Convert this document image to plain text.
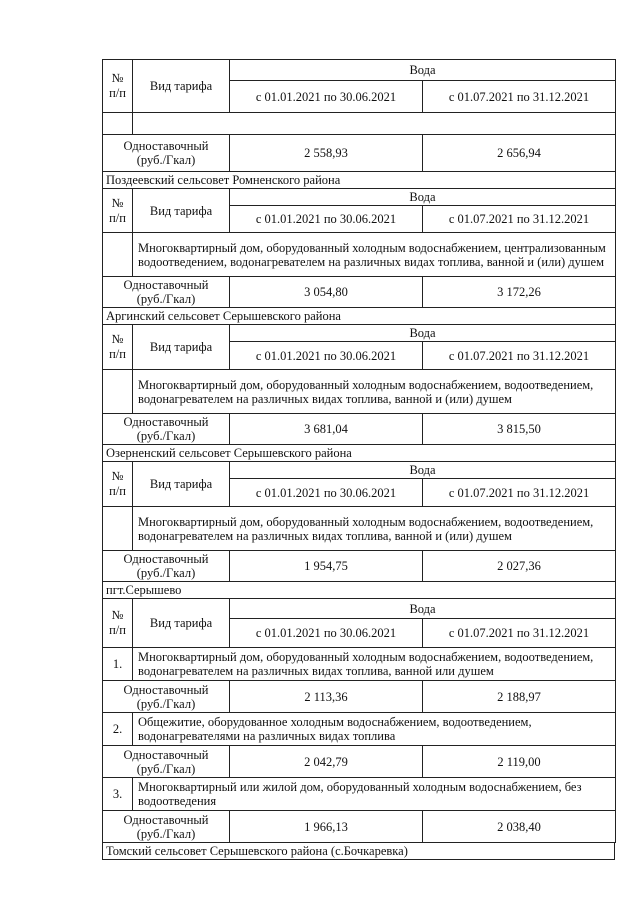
№ п/п	Вид тарифа	Вода	
		с 01.01.2021 по 30.06.2021	с 01.07.2021 по 31.12.2021

Одноставочный
(руб./Гкал)		2 558,93	2 656,94
Поздеевский сельсовет Ромненского района			
№ п/п	Вид тарифа	Вода	
		с 01.01.2021 по 30.06.2021	с 01.07.2021 по 31.12.2021
	Многоквартирный дом, оборудованный холодным водоснабжением, централизованным водоотведением, водонагревателем на различных видах топлива, ванной и (или) душем		
Одноставочный
(руб./Гкал)		3 054,80	3 172,26
Аргинский сельсовет Серышевского района			
№ п/п	Вид тарифа	Вода	
		с 01.01.2021 по 30.06.2021	с 01.07.2021 по 31.12.2021
	Многоквартирный дом, оборудованный холодным водоснабжением, водоотведением, водонагревателем на различных видах топлива, ванной и (или) душем		
Одноставочный
(руб./Гкал)		3 681,04	3 815,50
Озерненский сельсовет Серышевского района			
№ п/п	Вид тарифа	Вода	
		с 01.01.2021 по 30.06.2021	с 01.07.2021 по 31.12.2021
	Многоквартирный дом, оборудованный холодным водоснабжением, водоотведением, водонагревателем на различных видах топлива, ванной и (или) душем		
Одноставочный
(руб./Гкал)		1 954,75	2 027,36
пгт.Серышево			
№ п/п	Вид тарифа	Вода	
		с 01.01.2021 по 30.06.2021	с 01.07.2021 по 31.12.2021
1.	Многоквартирный дом, оборудованный холодным водоснабжением, водоотведением, водонагревателем на различных видах топлива, ванной или душем		
Одноставочный
(руб./Гкал)		2 113,36	2 188,97
2.	Общежитие, оборудованное холодным водоснабжением, водоотведением, водонагревателями на различных видах топлива		
Одноставочный
(руб./Гкал)		2 042,79	2 119,00
3.	Многоквартирный или жилой дом, оборудованный холодным водоснабжением, без водоотведения		
Одноставочный
(руб./Гкал)		1 966,13	2 038,40
Томский сельсовет Серышевского района (с.Бочкаревка)
